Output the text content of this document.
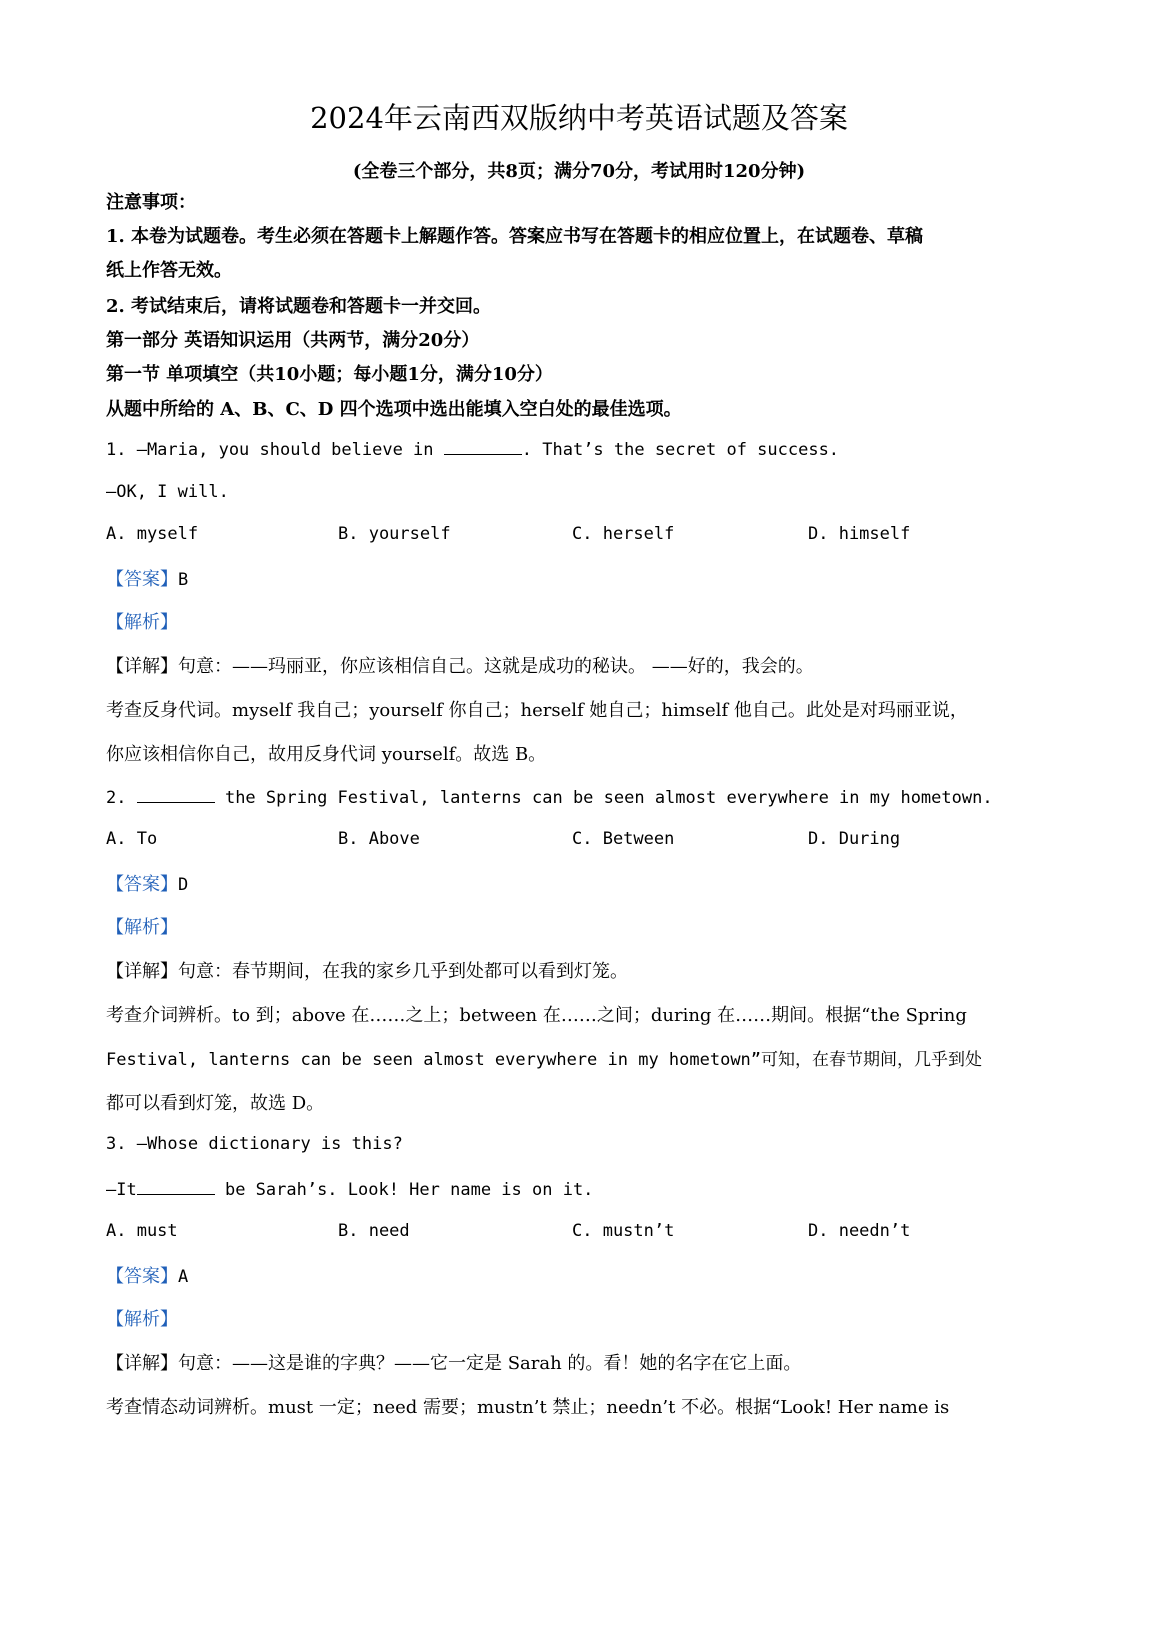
2024年云南西双版纳中考英语试题及答案
(全卷三个部分，共8页；满分70分，考试用时120分钟)
注意事项：
1. 本卷为试题卷。考生必须在答题卡上解题作答。答案应书写在答题卡的相应位置上，在试题卷、草稿
纸上作答无效。
2. 考试结束后，请将试题卷和答题卡一并交回。
第一部分 英语知识运用（共两节，满分20分）
第一节 单项填空（共10小题；每小题1分，满分10分）
从题中所给的 A、B、C、D 四个选项中选出能填入空白处的最佳选项。
1. —Maria, you should believe in	. That’s the secret of success.
—OK, I will.
A. myself	B. yourself	C. herself	D. himself
【答案】B
【解析】
【详解】句意：——玛丽亚，你应该相信自己。这就是成功的秘诀。 ——好的，我会的。
考查反身代词。myself 我自己；yourself 你自己；herself 她自己；himself 他自己。此处是对玛丽亚说，
你应该相信你自己，故用反身代词 yourself。故选 B。
2.	the Spring Festival, lanterns can be seen almost everywhere in my hometown.
A. To	B. Above	C. Between	D. During
【答案】D
【解析】
【详解】句意：春节期间，在我的家乡几乎到处都可以看到灯笼。
考查介词辨析。to 到；above 在……之上；between 在……之间；during 在……期间。根据“the Spring
Festival, lanterns can be seen almost everywhere in my hometown”可知，在春节期间，几乎到处
都可以看到灯笼，故选 D。
3. —Whose dictionary is this?
—It	be Sarah’s. Look! Her name is on it.
A. must	B. need	C. mustn’t	D. needn’t
【答案】A
【解析】
【详解】句意：——这是谁的字典？——它一定是 Sarah 的。看！她的名字在它上面。
考查情态动词辨析。must 一定；need 需要；mustn’t 禁止；needn’t 不必。根据“Look! Her name is
